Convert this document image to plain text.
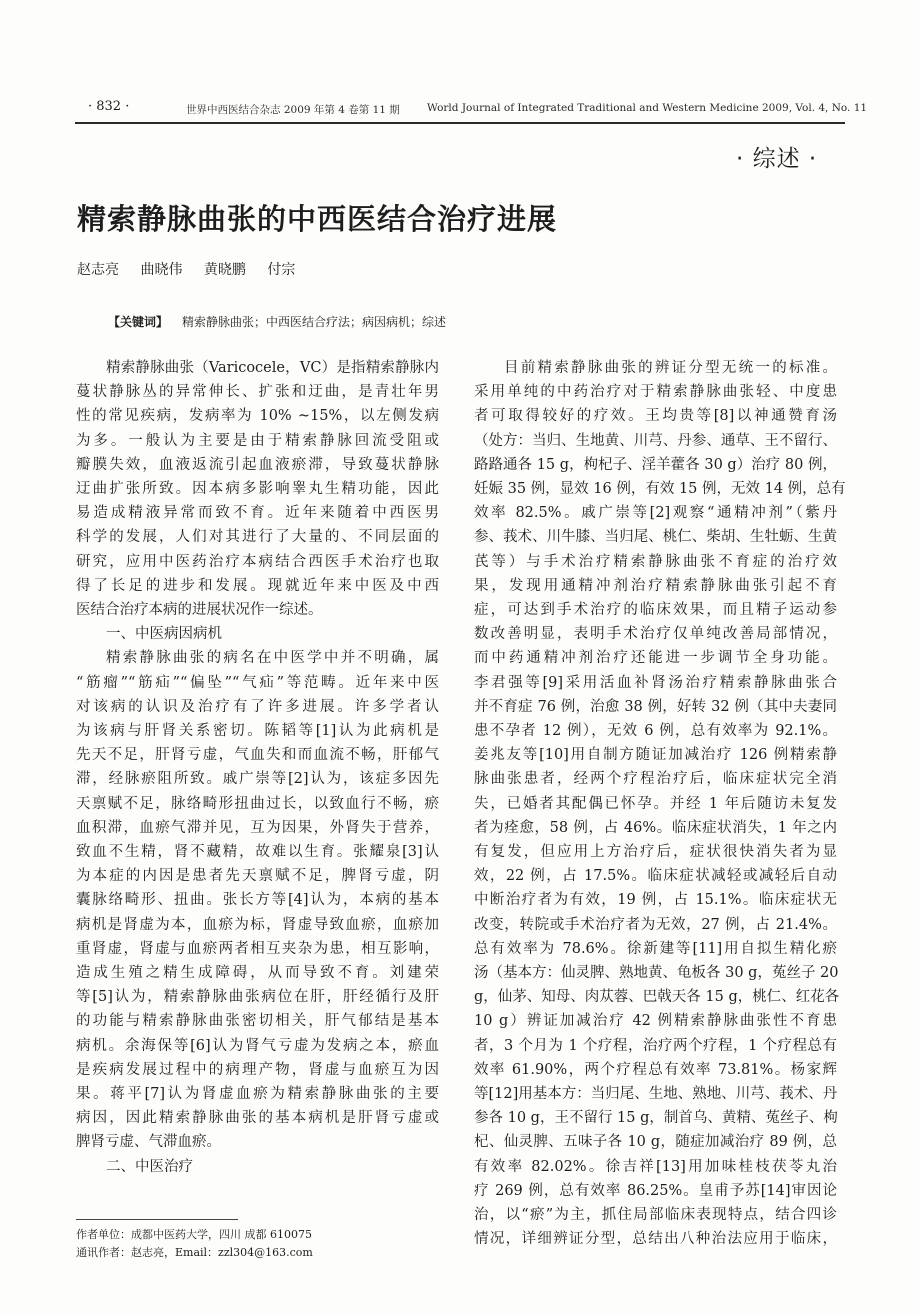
· 832 ·	世界中西医结合杂志 2009 年第 4 卷第 11 期	World Journal of Integrated Traditional and Western Medicine 2009, Vol. 4, No. 11
· 综述 ·
精索静脉曲张的中西医结合治疗进展
赵志亮 曲晓伟 黄晓鹏 付宗
【关键词】 精索静脉曲张；中西医结合疗法；病因病机；综述
精索静脉曲张（Varicocele，VC）是指精索静脉内
蔓状静脉丛的异常伸长、扩张和迂曲，是青壮年男
性的常见疾病，发病率为 10% ~15%，以左侧发病
为多。一般认为主要是由于精索静脉回流受阻或
瓣膜失效，血液返流引起血液瘀滞，导致蔓状静脉
迂曲扩张所致。因本病多影响睾丸生精功能，因此
易造成精液异常而致不育。近年来随着中西医男
科学的发展，人们对其进行了大量的、不同层面的
研究，应用中医药治疗本病结合西医手术治疗也取
得了长足的进步和发展。现就近年来中医及中西
医结合治疗本病的进展状况作一综述。
一、中医病因病机
精索静脉曲张的病名在中医学中并不明确，属
“筋瘤”“筋疝”“偏坠”“气疝”等范畴。近年来中医
对该病的认识及治疗有了许多进展。许多学者认
为该病与肝肾关系密切。陈韬等[1]认为此病机是
先天不足，肝肾亏虚，气血失和而血流不畅，肝郁气
滞，经脉瘀阻所致。戚广崇等[2]认为，该症多因先
天禀赋不足，脉络畸形扭曲过长，以致血行不畅，瘀
血积滞，血瘀气滞并见，互为因果，外肾失于营养，
致血不生精，肾不藏精，故难以生育。张耀泉[3]认
为本症的内因是患者先天禀赋不足，脾肾亏虚，阴
囊脉络畸形、扭曲。张长方等[4]认为，本病的基本
病机是肾虚为本，血瘀为标，肾虚导致血瘀，血瘀加
重肾虚，肾虚与血瘀两者相互夹杂为患，相互影响，
造成生殖之精生成障碍，从而导致不育。刘建荣
等[5]认为，精索静脉曲张病位在肝，肝经循行及肝
的功能与精索静脉曲张密切相关，肝气郁结是基本
病机。余海保等[6]认为肾气亏虚为发病之本，瘀血
是疾病发展过程中的病理产物，肾虚与血瘀互为因
果。蒋平[7]认为肾虚血瘀为精索静脉曲张的主要
病因，因此精索静脉曲张的基本病机是肝肾亏虚或
脾肾亏虚、气滞血瘀。
二、中医治疗
目前精索静脉曲张的辨证分型无统一的标准。
采用单纯的中药治疗对于精索静脉曲张轻、中度患
者可取得较好的疗效。王均贵等[8]以神通赞育汤
（处方：当归、生地黄、川芎、丹参、通草、王不留行、
路路通各 15 g，枸杞子、淫羊藿各 30 g）治疗 80 例，
妊娠 35 例，显效 16 例，有效 15 例，无效 14 例，总有
效率 82.5%。戚广崇等[2]观察“通精冲剂”（紫丹
参、莪术、川牛膝、当归尾、桃仁、柴胡、生牡蛎、生黄
芪等）与手术治疗精索静脉曲张不育症的治疗效
果，发现用通精冲剂治疗精索静脉曲张引起不育
症，可达到手术治疗的临床效果，而且精子运动参
数改善明显，表明手术治疗仅单纯改善局部情况，
而中药通精冲剂治疗还能进一步调节全身功能。
李君强等[9]采用活血补肾汤治疗精索静脉曲张合
并不育症 76 例，治愈 38 例，好转 32 例（其中夫妻同
患不孕者 12 例），无效 6 例，总有效率为 92.1%。
姜兆友等[10]用自制方随证加减治疗 126 例精索静
脉曲张患者，经两个疗程治疗后，临床症状完全消
失，已婚者其配偶已怀孕。并经 1 年后随访未复发
者为痊愈，58 例，占 46%。临床症状消失，1 年之内
有复发，但应用上方治疗后，症状很快消失者为显
效，22 例，占 17.5%。临床症状减轻或减轻后自动
中断治疗者为有效，19 例，占 15.1%。临床症状无
改变，转院或手术治疗者为无效，27 例，占 21.4%。
总有效率为 78.6%。徐新建等[11]用自拟生精化瘀
汤（基本方：仙灵脾、熟地黄、龟板各 30 g，菟丝子 20
g，仙茅、知母、肉苁蓉、巴戟天各 15 g，桃仁、红花各
10 g）辨证加减治疗 42 例精索静脉曲张性不育患
者，3 个月为 1 个疗程，治疗两个疗程，1 个疗程总有
效率 61.90%，两个疗程总有效率 73.81%。杨家辉
等[12]用基本方：当归尾、生地、熟地、川芎、莪术、丹
参各 10 g，王不留行 15 g，制首乌、黄精、菟丝子、枸
杞、仙灵脾、五味子各 10 g，随症加减治疗 89 例，总
有效率 82.02%。徐吉祥[13]用加味桂枝茯苓丸治
疗 269 例，总有效率 86.25%。皇甫予苏[14]审因论
治，以“瘀”为主，抓住局部临床表现特点，结合四诊
情况，详细辨证分型，总结出八种治法应用于临床，
作者单位：成都中医药大学，四川 成都 610075
通讯作者：赵志亮，Email：zzl304@163.com
